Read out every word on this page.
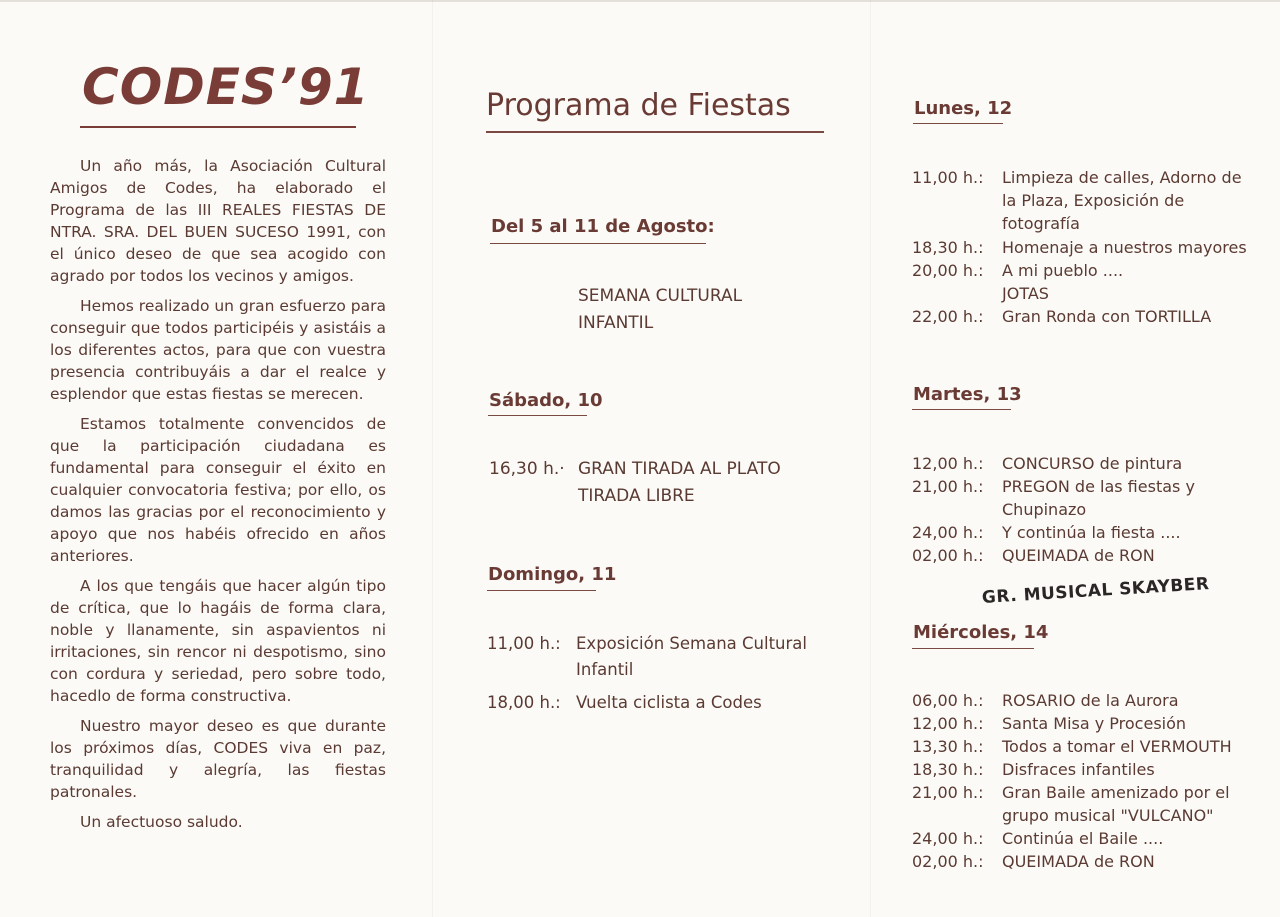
CODES’91

Un año más, la Asociación Cultural Amigos de Codes, ha elaborado el Programa de las III REALES FIESTAS DE NTRA. SRA. DEL BUEN SUCESO 1991, con el único deseo de que sea acogido con agrado por todos los vecinos y amigos.

Hemos realizado un gran esfuerzo para conseguir que todos participéis y asistáis a los diferentes actos, para que con vuestra presencia contribuyáis a dar el realce y esplendor que estas fiestas se merecen.

Estamos totalmente convencidos de que la participación ciudadana es fundamental para conseguir el éxito en cualquier convocatoria festiva; por ello, os damos las gracias por el reconocimiento y apoyo que nos habéis ofrecido en años anteriores.

A los que tengáis que hacer algún tipo de crítica, que lo hagáis de forma clara, noble y llanamente, sin aspavientos ni irritaciones, sin rencor ni despotismo, sino con cordura y seriedad, pero sobre todo, hacedlo de forma constructiva.

Nuestro mayor deseo es que durante los próximos días, CODES viva en paz, tranquilidad y alegría, las fiestas patronales.

Un afectuoso saludo.

Programa de Fiestas
Del 5 al 11 de Agosto:
SEMANA CULTURAL
INFANTIL
Sábado, 10
16,30 h.· GRAN TIRADA AL PLATO
TIRADA LIBRE
Domingo, 11
11,00 h.: Exposición Semana Cultural Infantil
18,00 h.: Vuelta ciclista a Codes
Lunes, 12
11,00 h.: Limpieza de calles, Adorno de la Plaza, Exposición de fotografía
18,30 h.: Homenaje a nuestros mayores
20,00 h.: A mi pueblo ....
JOTAS
22,00 h.: Gran Ronda con TORTILLA
Martes, 13
12,00 h.: CONCURSO de pintura
21,00 h.: PREGON de las fiestas y Chupinazo
24,00 h.: Y continúa la fiesta ....
02,00 h.: QUEIMADA de RON
GR. MUSICAL SKAYBER
Miércoles, 14
06,00 h.: ROSARIO de la Aurora
12,00 h.: Santa Misa y Procesión
13,30 h.: Todos a tomar el VERMOUTH
18,30 h.: Disfraces infantiles
21,00 h.: Gran Baile amenizado por el grupo musical "VULCANO"
24,00 h.: Continúa el Baile ....
02,00 h.: QUEIMADA de RON
